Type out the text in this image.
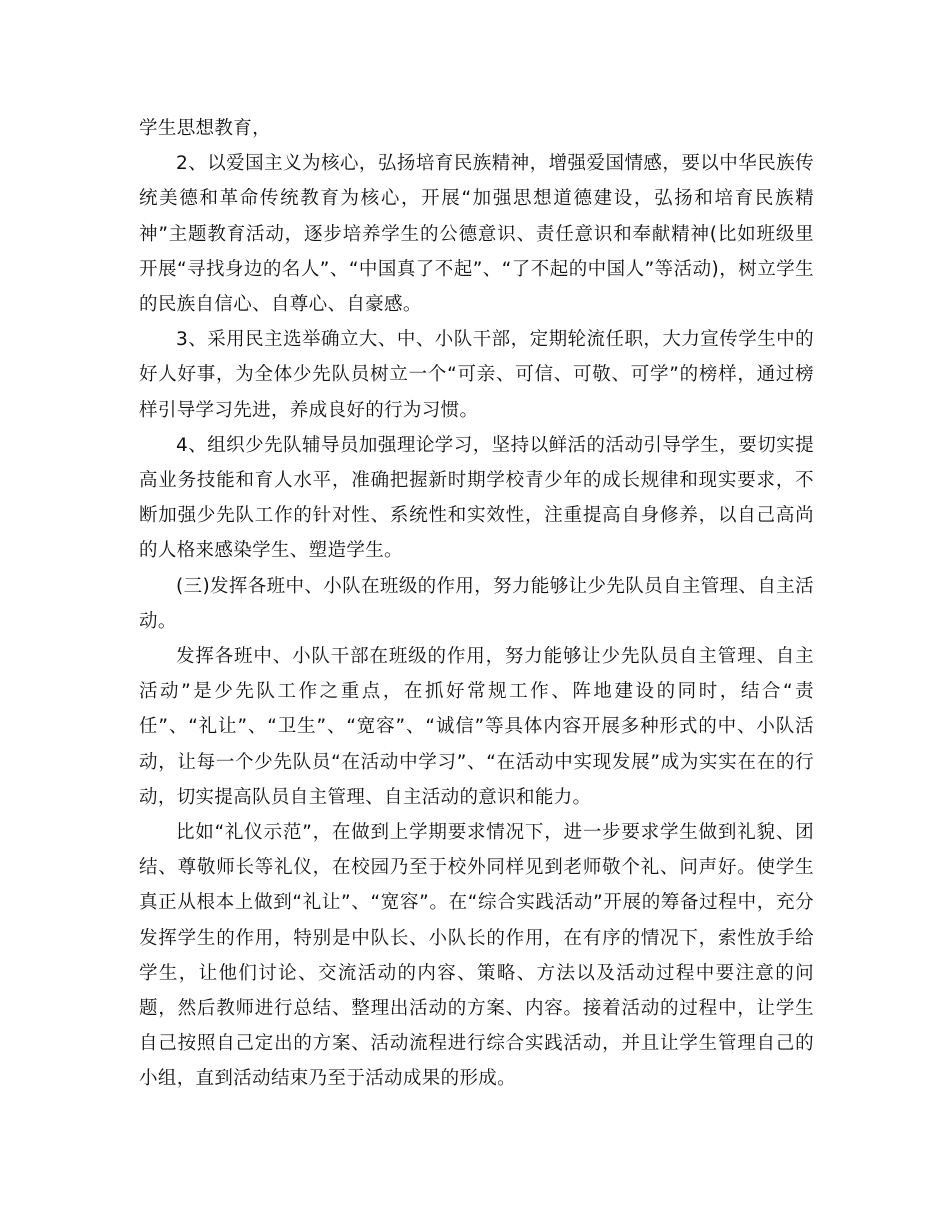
学生思想教育，

2、以爱国主义为核心，弘扬培育民族精神，增强爱国情感，要以中华民族传统美德和革命传统教育为核心，开展“加强思想道德建设，弘扬和培育民族精神”主题教育活动，逐步培养学生的公德意识、责任意识和奉献精神(比如班级里开展“寻找身边的名人”、“中国真了不起”、“了不起的中国人”等活动)，树立学生的民族自信心、自尊心、自豪感。

3、采用民主选举确立大、中、小队干部，定期轮流任职，大力宣传学生中的好人好事，为全体少先队员树立一个“可亲、可信、可敬、可学”的榜样，通过榜样引导学习先进，养成良好的行为习惯。

4、组织少先队辅导员加强理论学习，坚持以鲜活的活动引导学生，要切实提高业务技能和育人水平，准确把握新时期学校青少年的成长规律和现实要求，不断加强少先队工作的针对性、系统性和实效性，注重提高自身修养，以自己高尚的人格来感染学生、塑造学生。

(三)发挥各班中、小队在班级的作用，努力能够让少先队员自主管理、自主活动。

发挥各班中、小队干部在班级的作用，努力能够让少先队员自主管理、自主活动”是少先队工作之重点，在抓好常规工作、阵地建设的同时，结合“责任”、“礼让”、“卫生”、“宽容”、“诚信”等具体内容开展多种形式的中、小队活动，让每一个少先队员“在活动中学习”、“在活动中实现发展”成为实实在在的行动，切实提高队员自主管理、自主活动的意识和能力。

比如“礼仪示范”，在做到上学期要求情况下，进一步要求学生做到礼貌、团结、尊敬师长等礼仪，在校园乃至于校外同样见到老师敬个礼、问声好。使学生真正从根本上做到“礼让”、“宽容”。在“综合实践活动”开展的筹备过程中，充分发挥学生的作用，特别是中队长、小队长的作用，在有序的情况下，索性放手给学生，让他们讨论、交流活动的内容、策略、方法以及活动过程中要注意的问题，然后教师进行总结、整理出活动的方案、内容。接着活动的过程中，让学生自己按照自己定出的方案、活动流程进行综合实践活动，并且让学生管理自己的小组，直到活动结束乃至于活动成果的形成。
